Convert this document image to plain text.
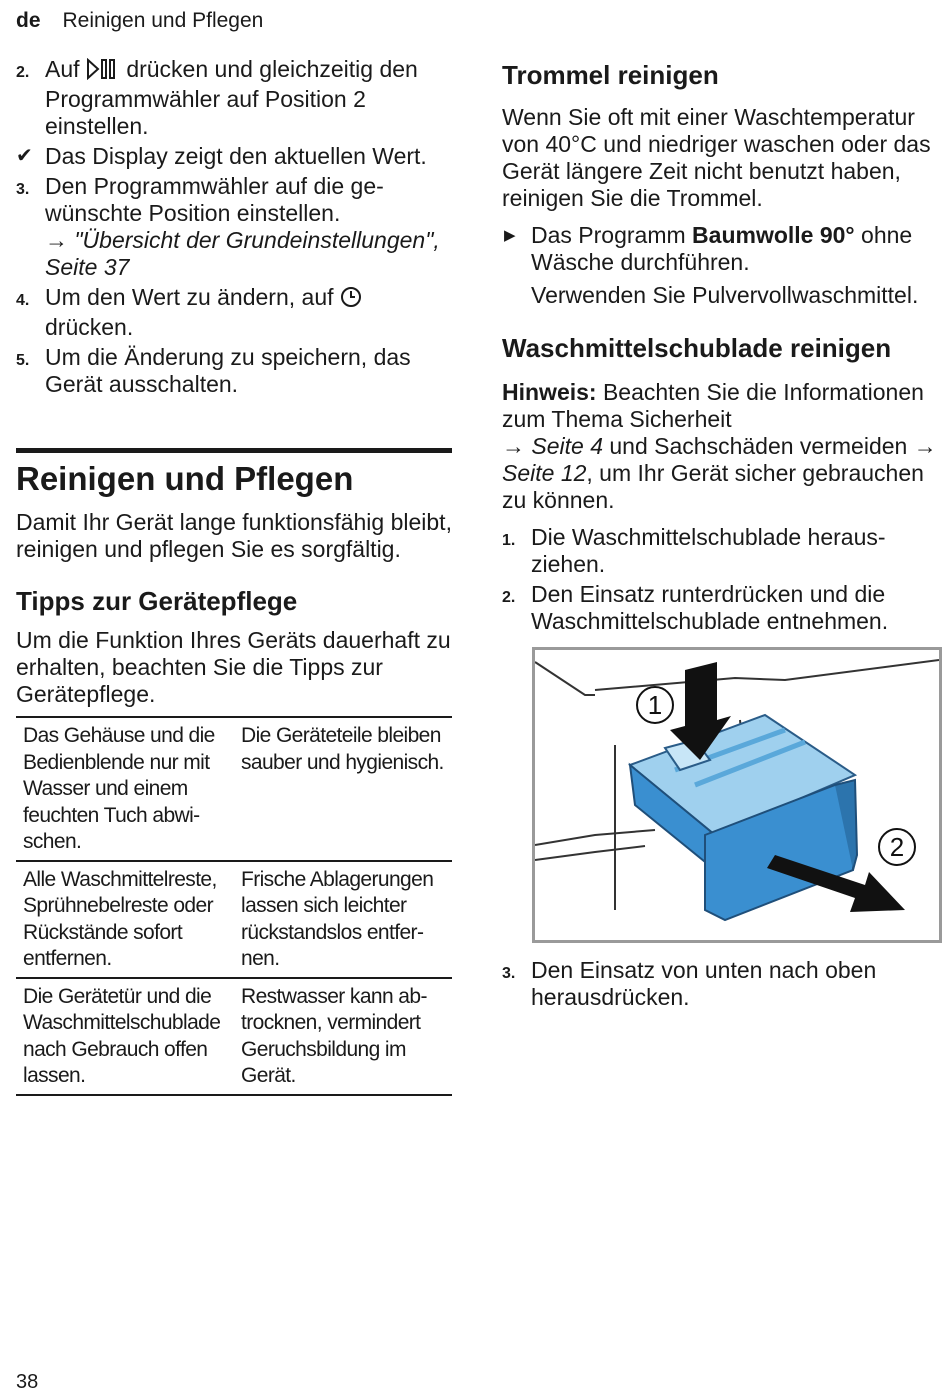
de Reinigen und Pflegen
2. Auf drücken und gleichzeitig den Programmwähler auf Position 2 einstellen.
✔ Das Display zeigt den aktuellen Wert.
3. Den Programmwähler auf die gewünschte Position einstellen.
→ "Übersicht der Grundeinstellungen", Seite 37
4. Um den Wert zu ändern, auf  drücken.
5. Um die Änderung zu speichern, das Gerät ausschalten.
Reinigen und Pflegen

Damit Ihr Gerät lange funktionsfähig bleibt, reinigen und pflegen Sie es sorgfältig.

Tipps zur Gerätepflege

Um die Funktion Ihres Geräts dauerhaft zu erhalten, beachten Sie die Tipps zur Gerätepflege.

Das Gehäuse und die Bedienblende nur mit Wasser und einem feuchten Tuch abwischen.	Die Geräteteile bleiben sauber und hygienisch.
Alle Waschmittelreste, Sprühnebelreste oder Rückstände sofort entfernen.	Frische Ablagerungen lassen sich leichter rückstandslos entfernen.
Die Gerätetür und die Waschmittelschublade nach Gebrauch offen lassen.	Restwasser kann abtrocknen, vermindert Geruchsbildung im Gerät.
Trommel reinigen

Wenn Sie oft mit einer Waschtemperatur von 40°C und niedriger waschen oder das Gerät längere Zeit nicht benutzt haben, reinigen Sie die Trommel.

▶ Das Programm Baumwolle 90° ohne Wäsche durchführen.
Verwenden Sie Pulvervollwaschmittel.
Waschmittelschublade reinigen

Hinweis: Beachten Sie die Informationen zum Thema Sicherheit
→ Seite 4 und Sachschäden vermeiden → Seite 12, um Ihr Gerät sicher gebrauchen zu können.

1. Die Waschmittelschublade herausziehen.
2. Den Einsatz runterdrücken und die Waschmittelschublade entnehmen.
1
2
3. Den Einsatz von unten nach oben herausdrücken.
38
